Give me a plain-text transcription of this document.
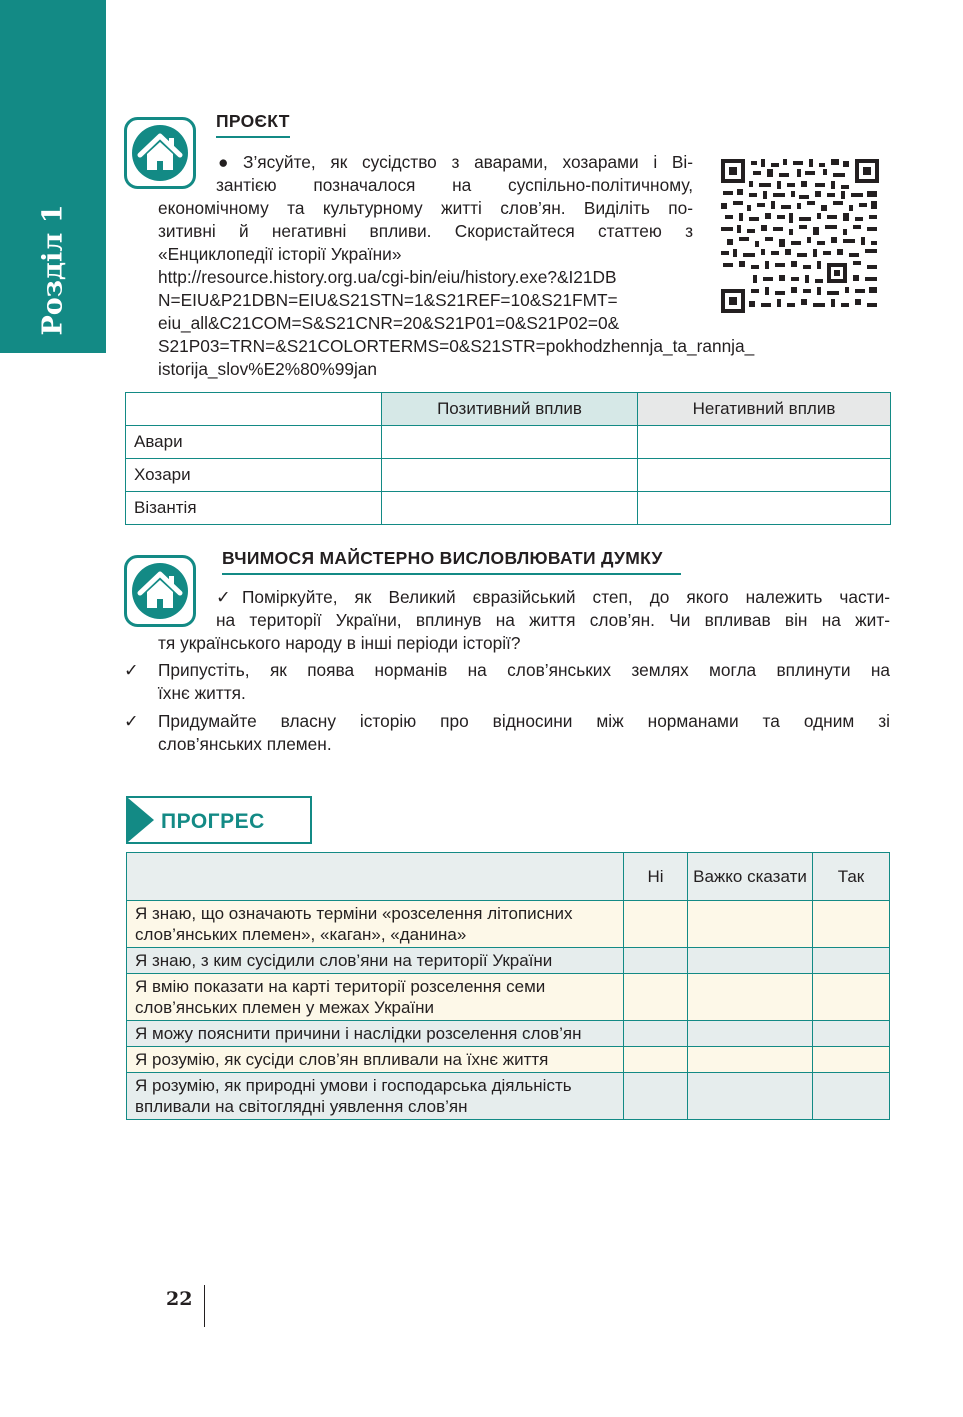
Розділ 1
ПРОЄКТ
● З’ясуйте, як сусідство з аварами, хозарами і Ві-
зантією позначалося на суспільно-політичному,
економічному та культурному житті слов’ян. Виділіть по-
зитивні й негативні впливи. Скористайтеся статтею з
«Енциклопедії історії України»
http://resource.history.org.ua/cgi-bin/eiu/history.exe?&I21DB
N=EIU&P21DBN=EIU&S21STN=1&S21REF=10&S21FMT=
eiu_all&C21COM=S&S21CNR=20&S21P01=0&S21P02=0&
S21P03=TRN=&S21COLORTERMS=0&S21STR=pokhodzhennja_ta_rannja_
istorija_slov%E2%80%99jan
	Позитивний вплив	Негативний вплив
Авари		
Хозари		
Візантія		
ВЧИМОСЯ МАЙСТЕРНО ВИСЛОВЛЮВАТИ ДУМКУ
✓ Поміркуйте, як Великий євразійський степ, до якого належить части-
на території України, вплинув на життя слов’ян. Чи впливав він на жит-
тя українського народу в інші періоди історії?
✓ Припустіть, як поява норманів на слов’янських землях могла вплинути на
їхнє життя.
✓ Придумайте власну історію про відносини між норманами та одним зі
слов’янських племен.
ПРОГРЕС
	Ні	Важко сказати	Так
Я знаю, що означають терміни «розселення літописних слов’янських племен», «каган», «данина»			
Я знаю, з ким сусідили слов’яни на території України			
Я вмію показати на карті території розселення семи слов’янських племен у межах України			
Я можу пояснити причини і наслідки розселення слов’ян			
Я розумію, як сусіди слов’ян впливали на їхнє життя			
Я розумію, як природні умови і господарська діяльність впливали на світоглядні уявлення слов’ян			
22
